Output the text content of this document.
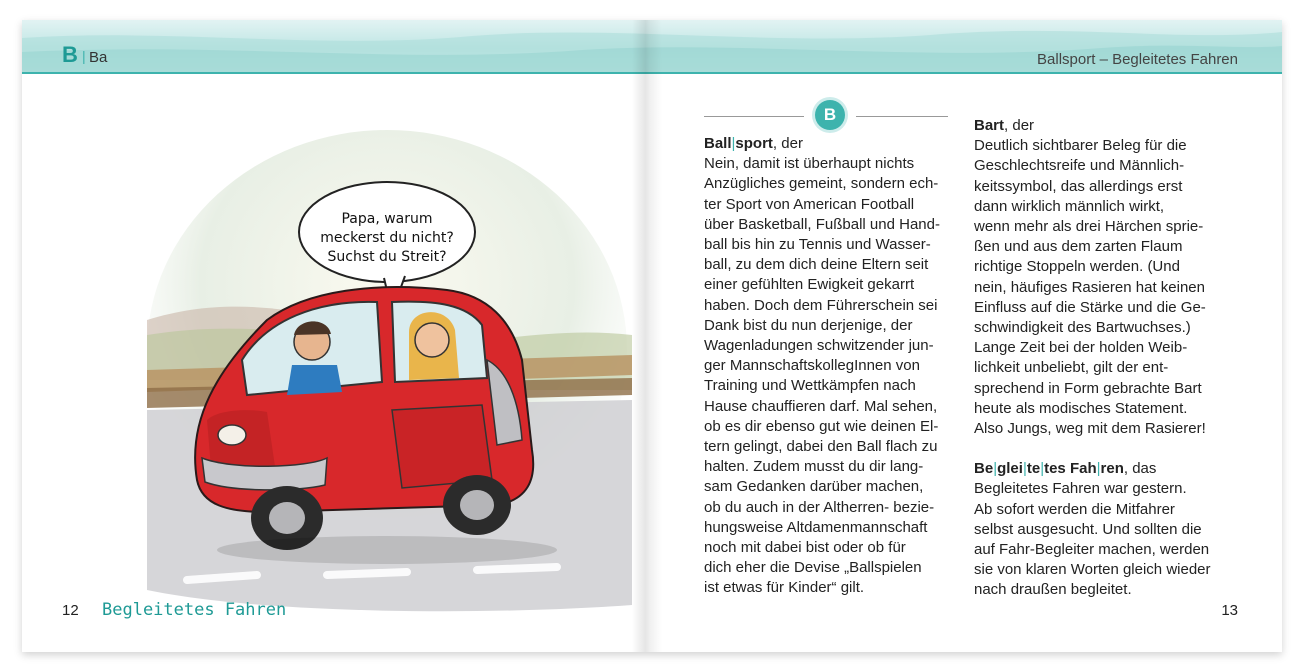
B | Ba	Ballsport – Begleitetes Fahren
Papa, warum
meckerst du nicht?
Suchst du Streit?
12 Begleitetes Fahren	13
B

Ball|sport, der

Nein, damit ist überhaupt nichts

Anzügliches gemeint, sondern ech-

ter Sport von American Football

über Basketball, Fußball und Hand-

ball bis hin zu Tennis und Wasser-

ball, zu dem dich deine Eltern seit

einer gefühlten Ewigkeit gekarrt

haben. Doch dem Führerschein sei

Dank bist du nun derjenige, der

Wagenladungen schwitzender jun-

ger MannschaftskollegInnen von

Training und Wettkämpfen nach

Hause chauffieren darf. Mal sehen,

ob es dir ebenso gut wie deinen El-

tern gelingt, dabei den Ball flach zu

halten. Zudem musst du dir lang-

sam Gedanken darüber machen,

ob du auch in der Altherren- bezie-

hungsweise Altdamenmannschaft

noch mit dabei bist oder ob für

dich eher die Devise „Ballspielen

ist etwas für Kinder“ gilt.

Bart, der

Deutlich sichtbarer Beleg für die

Geschlechtsreife und Männlich-

keitssymbol, das allerdings erst

dann wirklich männlich wirkt,

wenn mehr als drei Härchen sprie-

ßen und aus dem zarten Flaum

richtige Stoppeln werden. (Und

nein, häufiges Rasieren hat keinen

Einfluss auf die Stärke und die Ge-

schwindigkeit des Bartwuchses.)

Lange Zeit bei der holden Weib-

lichkeit unbeliebt, gilt der ent-

sprechend in Form gebrachte Bart

heute als modisches Statement.

Also Jungs, weg mit dem Rasierer!

Be|glei|te|tes Fah|ren, das

Begleitetes Fahren war gestern.

Ab sofort werden die Mitfahrer

selbst ausgesucht. Und sollten die

auf Fahr-Begleiter machen, werden

sie von klaren Worten gleich wieder

nach draußen begleitet.
